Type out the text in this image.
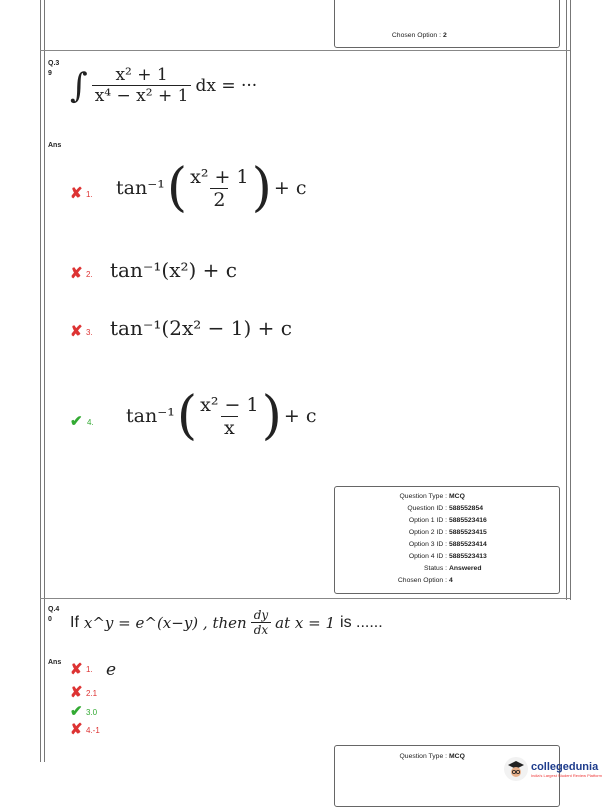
Chosen Option : 2
Q.3
9 ∫ $\frac{\text{x² + 1}}{\text{x⁴ − x² + 1}}$ dx = ···
Ans
✘ 1. tan⁻¹ ( $\frac{\text{x² + 1}}{2}$ ) + c
✘ 2. tan⁻¹(x²) + c
✘ 3. tan⁻¹(2x² − 1) + c
✔ 4. tan⁻¹ ( $\frac{\text{x² − 1}}{x}$ ) + c
Question Type : MCQ
Question ID : 588552854
Option 1 ID : 5885523416
Option 2 ID : 5885523415
Option 3 ID : 5885523414
Option 4 ID : 5885523413
Status : Answered
Chosen Option : 4
Q.4
0	If x^y = e^(x−y) , then $\frac{dy}{dx}$ at x = 1 is ......
Ans ✘ 1. e
✘ 2.1
✔ 3.0
✘ 4.-1
Question Type : MCQ
collegedunia
India's Largest Student Review Platform
